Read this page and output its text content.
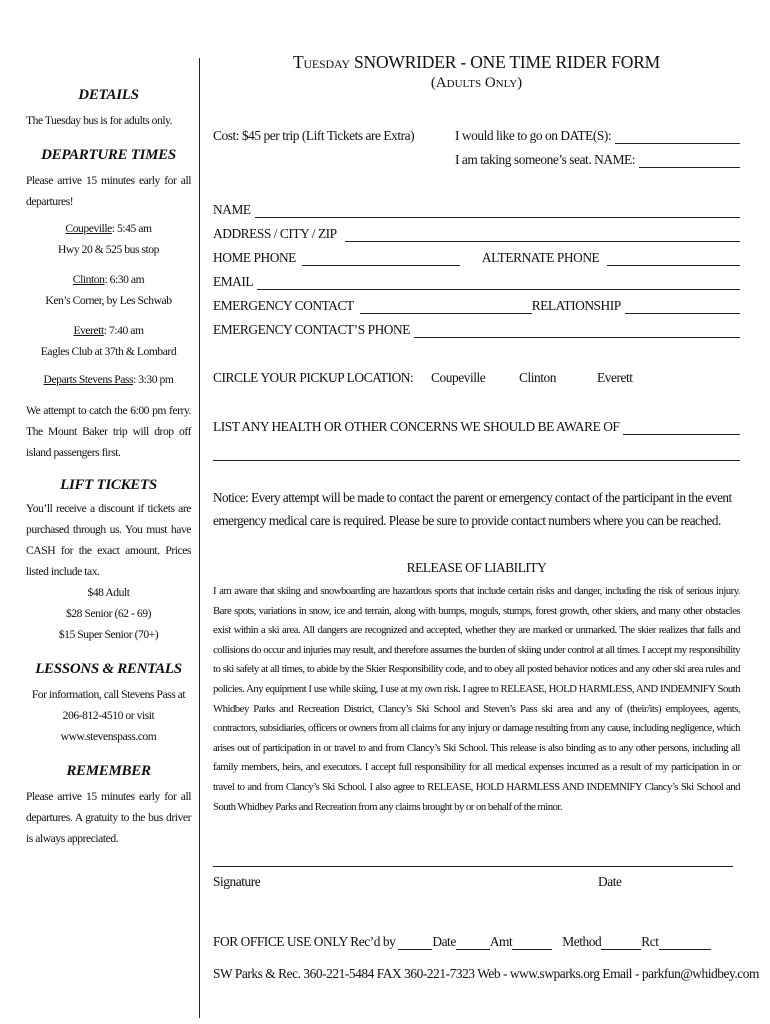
DETAILS

The Tuesday bus is for adults only.

DEPARTURE TIMES

Please arrive 15 minutes early for all departures!

Coupeville: 5:45 am

Hwy 20 & 525 bus stop

Clinton: 6:30 am

Ken’s Corner, by Les Schwab

Everett: 7:40 am

Eagles Club at 37th & Lombard

Departs Stevens Pass: 3:30 pm

We attempt to catch the 6:00 pm ferry. The Mount Baker trip will drop off island passengers first.

LIFT TICKETS

You’ll receive a discount if tickets are purchased through us. You must have CASH for the exact amount. Prices listed include tax.

$48 Adult

$28 Senior (62 - 69)

$15 Super Senior (70+)

LESSONS & RENTALS

For information, call Stevens Pass at

206-812-4510 or visit

www.stevenspass.com

REMEMBER

Please arrive 15 minutes early for all departures. A gratuity to the bus driver is always appreciated.

Tuesday SNOWRIDER - ONE TIME RIDER FORM

(Adults Only)

Cost: $45 per trip (Lift Tickets are Extra)	I would like to go on DATE(S):
I am taking someone’s seat. NAME:
NAME
ADDRESS / CITY / ZIP
HOME PHONE	ALTERNATE PHONE
EMAIL
EMERGENCY CONTACT	RELATIONSHIP
EMERGENCY CONTACT’S PHONE
CIRCLE YOUR PICKUP LOCATION: Coupeville	Clinton	Everett
LIST ANY HEALTH OR OTHER CONCERNS WE SHOULD BE AWARE OF

Notice: Every attempt will be made to contact the parent or emergency contact of the participant in the event emergency medical care is required. Please be sure to provide contact numbers where you can be reached.

RELEASE OF LIABILITY

I am aware that skiing and snowboarding are hazardous sports that include certain risks and danger, including the risk of serious injury. Bare spots, variations in snow, ice and terrain, along with bumps, moguls, stumps, forest growth, other skiers, and many other obstacles exist within a ski area. All dangers are recognized and accepted, whether they are marked or unmarked. The skier realizes that falls and collisions do occur and injuries may result, and therefore assumes the burden of skiing under control at all times. I accept my responsibility to ski safely at all times, to abide by the Skier Responsibility code, and to obey all posted behavior notices and any other ski area rules and policies. Any equipment I use while skiing, I use at my own risk. I agree to RELEASE, HOLD HARMLESS, AND INDEMNIFY South Whidbey Parks and Recreation District, Clancy’s Ski School and Steven’s Pass ski area and any of (their/its) employees, agents, contractors, subsidiaries, officers or owners from all claims for any injury or damage resulting from any cause, including negligence, which arises out of participation in or travel to and from Clancy’s Ski School. This release is also binding as to any other persons, including all family members, heirs, and executors. I accept full responsibility for all medical expenses incurred as a result of my participation in or travel to and from Clancy’s Ski School. I also agree to RELEASE, HOLD HARMLESS AND INDEMNIFY Clancy’s Ski School and South Whidbey Parks and Recreation from any claims brought by or on behalf of the minor.

Signature	Date
FOR OFFICE USE ONLY Rec’d by	Date	Amt	Method	Rct

SW Parks & Rec. 360-221-5484 FAX 360-221-7323 Web - www.swparks.org Email - parkfun@whidbey.com
